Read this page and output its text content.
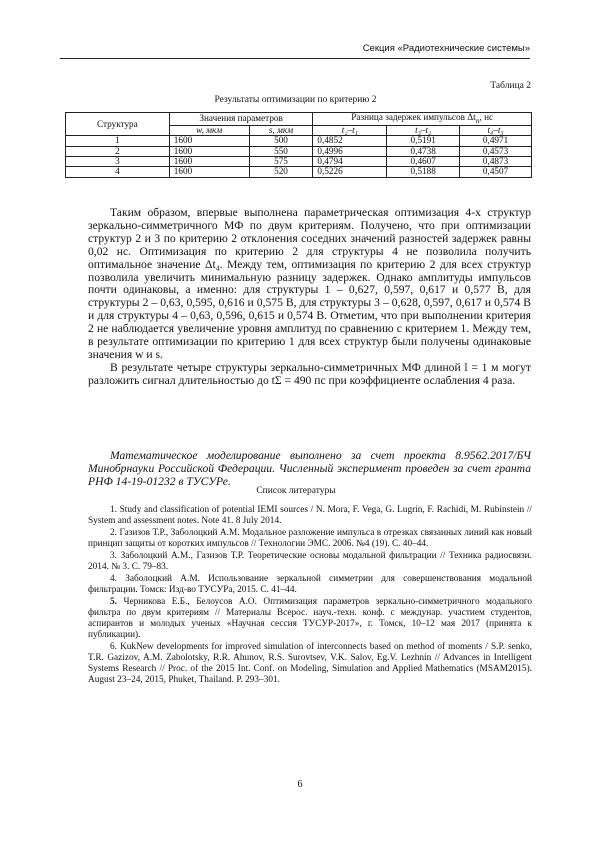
Секция «Радиотехнические системы»
Таблица 2
Результаты оптимизации по критерию 2
Структура	Значения параметров		Разница задержек импульсов $\Delta t_n$, нс		
	w, мкм	s, мкм	t₂–t₁	t₃–t₂	t₄–t₃
1	1600	500	0,4852	0,5191	0,4971
2	1600	550	0,4996	0,4738	0,4573
3	1600	575	0,4794	0,4607	0,4873
4	1600	520	0,5226	0,5188	0,4507

Таким образом, впервые выполнена параметрическая оптимизация 4-х структур зеркально-симметричного МФ по двум критериям. Получено, что при оптимизации структур 2 и 3 по критерию 2 отклонения соседних значений разностей задержек равны 0,02 нс. Оптимизация по критерию 2 для структуры 4 не позволила получить оптимальное значение Δt₄. Между тем, оптимизация по критерию 2 для всех структур позволила увеличить минимальную разницу задержек. Однако амплитуды импульсов почти одинаковы, а именно: для структуры 1 – 0,627, 0,597, 0,617 и 0,577 В, для структуры 2 – 0,63, 0,595, 0,616 и 0,575 В, для структуры 3 – 0,628, 0,597, 0,617 и 0,574 В и для структуры 4 – 0,63, 0,596, 0,615 и 0,574 В. Отметим, что при выполнении критерия 2 не наблюдается увеличение уровня амплитуд по сравнению с критерием 1. Между тем, в результате оптимизации по критерию 1 для всех структур были получены одинаковые значения w и s.

В результате четыре структуры зеркально-симметричных МФ длиной l = 1 м могут разложить сигнал длительностью до tΣ = 490 пс при коэффициенте ослабления 4 раза.

Математическое моделирование выполнено за счет проекта 8.9562.2017/БЧ Минобрнауки Российской Федерации. Численный эксперимент проведен за счет гранта РНФ 14-19-01232 в ТУСУРе.

Список литературы
1. Study and classification of potential IEMI sources / N. Mora, F. Vega, G. Lugrin, F. Rachidi, M. Rubinstein // System and assessment notes. Note 41. 8 July 2014.
2. Газизов Т.Р., Заболоцкий А.М. Модальное разложение импульса в отрезках связанных линий как новый принцип защиты от коротких импульсов // Технологии ЭМС. 2006. №4 (19). С. 40–44.
3. Заболоцкий А.М., Газизов Т.Р. Теоретические основы модальной фильтрации // Техника радиосвязи. 2014. № 3. С. 79–83.
4. Заболоцкий А.М. Использование зеркальной симметрии для совершенствования модальной фильтрации. Томск: Изд-во ТУСУРа, 2015. С. 41–44.
5. Черникова Е.Б., Белоусов А.О. Оптимизация параметров зеркально-симметричного модального фильтра по двум критериям // Материалы Всерос. науч.-техн. конф. с междунар. участием студентов, аспирантов и молодых ученых «Научная сессия ТУСУР-2017», г. Томск, 10–12 мая 2017 (принята к публикации).
6. KukNew developments for improved simulation of interconnects based on method of moments / S.P. senko, T.R. Gazizov, A.M. Zabolotsky, R.R. Ahunov, R.S. Surovtsev, V.K. Salov, Eg.V. Lezhnin // Advances in Intelligent Systems Research // Proc. of the 2015 Int. Conf. on Modeling, Simulation and Applied Mathematics (MSAM2015). August 23–24, 2015, Phuket, Thailand. P. 293–301.
6
